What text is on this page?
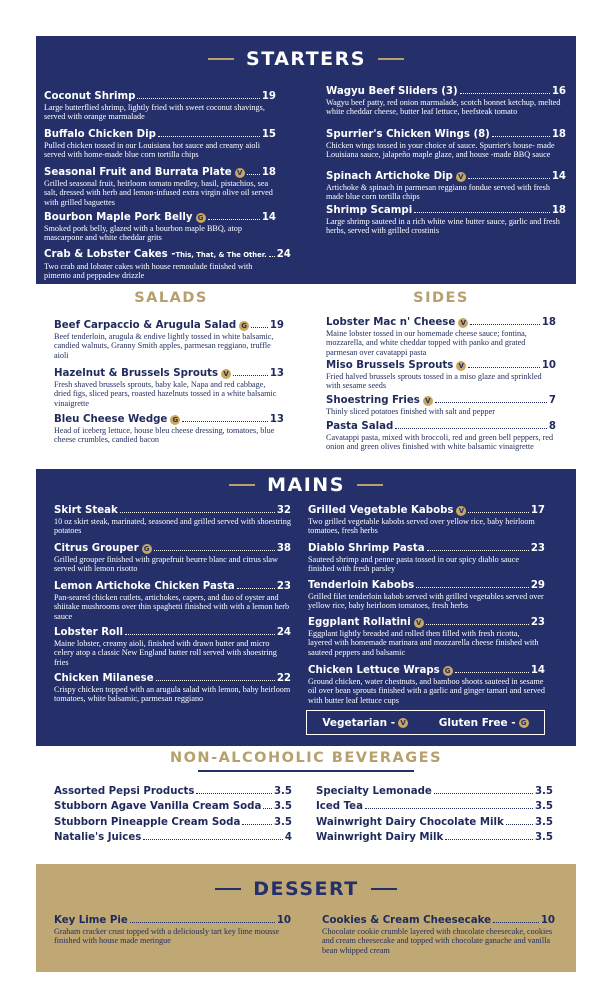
STARTERS
Coconut Shrimp	19
Large butterflied shrimp, lightly fried with sweet coconut shavings, served with orange marmalade
Buffalo Chicken Dip	15
Pulled chicken tossed in our Louisiana hot sauce and creamy aioli served with home-made blue corn tortilla chips
Seasonal Fruit and Burrata Plate V 18
Grilled seasonal fruit, heirloom tomato medley, basil, pistachios, sea salt, dressed with herb and lemon-infused extra virgin olive oil served with grilled baguettes
Bourbon Maple Pork Belly G	14
Smoked pork belly, glazed with a bourbon maple BBQ, atop mascarpone and white cheddar grits
Crab & Lobster Cakes - This, That, & The Other. 24
Two crab and lobster cakes with house remoulade finished with pimento and peppadew drizzle
Wagyu Beef Sliders (3)	16
Wagyu beef patty, red onion marmalade, scotch bonnet ketchup, melted white cheddar cheese, butter leaf lettuce, beefsteak tomato
Spurrier's Chicken Wings (8)	18
Chicken wings tossed in your choice of sauce. Spurrier's house- made Louisiana sauce, jalapeño maple glaze, and house -made BBQ sauce
Spinach Artichoke Dip V	14
Artichoke & spinach in parmesan reggiano fondue served with fresh made blue corn tortilla chips
Shrimp Scampi	18
Large shrimp sauteed in a rich white wine butter sauce, garlic and fresh herbs, served with grilled crostinis
SALADS
Beef Carpaccio & Arugula Salad G 19
Beef tenderloin, arugula & endive lightly tossed in white balsamic, candied walnuts, Granny Smith apples, parmesan reggiano, truffle aioli
Hazelnut & Brussels Sprouts V	13
Fresh shaved brussels sprouts, baby kale, Napa and red cabbage, dried figs, sliced pears, roasted hazelnuts tossed in a white balsamic vinaigrette
Bleu Cheese Wedge G	13
Head of iceberg lettuce, house bleu cheese dressing, tomatoes, blue cheese crumbles, candied bacon
SIDES
Lobster Mac n' Cheese V	18
Maine lobster tossed in our homemade cheese sauce; fontina, mozzarella, and white cheddar topped with panko and grated parmesan over cavatappi pasta
Miso Brussels Sprouts V	10
Fried halved brussels sprouts tossed in a miso glaze and sprinkled with sesame seeds
Shoestring Fries V	7
Thinly sliced potatoes finished with salt and pepper
Pasta Salad	8
Cavatappi pasta, mixed with broccoli, red and green bell peppers, red onion and green olives finished with white balsamic vinaigrette
MAINS
Skirt Steak	32
10 oz skirt steak, marinated, seasoned and grilled served with shoestring potatoes
Citrus Grouper G	38
Grilled grouper finished with grapefruit beurre blanc and citrus slaw served with lemon risotto
Lemon Artichoke Chicken Pasta	23
Pan-seared chicken cutlets, artichokes, capers, and duo of oyster and shiitake mushrooms over thin spaghetti finished with with a lemon herb sauce
Lobster Roll	24
Maine lobster, creamy aioli, finished with drawn butter and micro celery atop a classic New England butter roll served with shoestring fries
Chicken Milanese	22
Crispy chicken topped with an arugula salad with lemon, baby heirloom tomatoes, white balsamic, parmesan reggiano
Grilled Vegetable Kabobs V	17
Two grilled vegetable kabobs served over yellow rice, baby heirloom tomatoes, fresh herbs
Diablo Shrimp Pasta	23
Sauteed shrimp and penne pasta tossed in our spicy diablo sauce finished with fresh parsley
Tenderloin Kabobs	29
Grilled filet tenderloin kabob served with grilled vegetables served over yellow rice, baby heirloom tomatoes, fresh herbs
Eggplant Rollatini V	23
Eggplant lightly breaded and rolled then filled with fresh ricotta, layered with homemade marinara and mozzarella cheese finished with sauteed peppers and balsamic
Chicken Lettuce Wraps G	14
Ground chicken, water chestnuts, and bamboo shoots sauteed in sesame oil over bean sprouts finished with a garlic and ginger tamari and served with butter leaf lettuce cups
Vegetarian - V	Gluten Free - G
NON-ALCOHOLIC BEVERAGES
Assorted Pepsi Products	3.5
Stubborn Agave Vanilla Cream Soda 3.5
Stubborn Pineapple Cream Soda	3.5
Natalie's Juices	4
Specialty Lemonade	3.5
Iced Tea	3.5
Wainwright Dairy Chocolate Milk	3.5
Wainwright Dairy Milk	3.5
DESSERT
Key Lime Pie	10
Graham cracker crust topped with a deliciously tart key lime mousse finished with house made meringue
Cookies & Cream Cheesecake	10
Chocolate cookie crumble layered with chocolate cheesecake, cookies and cream cheesecake and topped with chocolate ganache and vanilla bean whipped cream
